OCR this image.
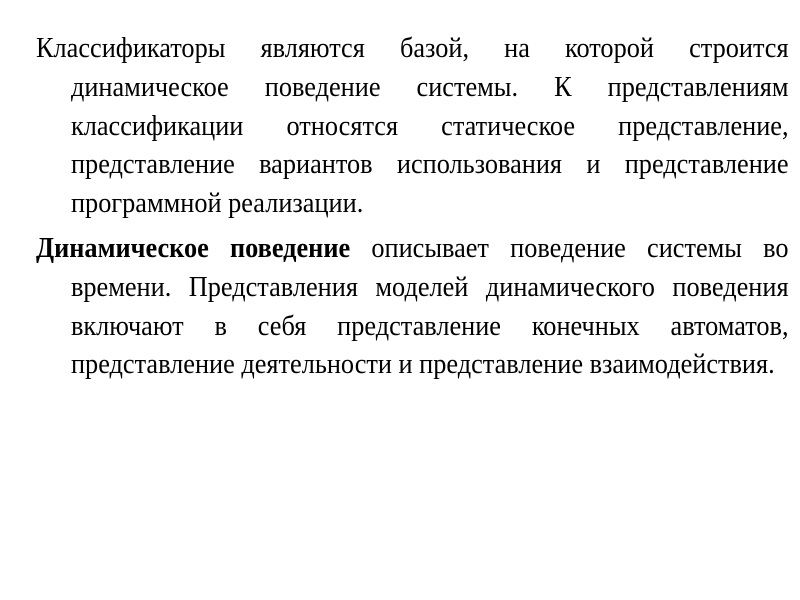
Классификаторы являются базой, на которой строится динамическое поведение системы. К представлениям классификации относятся статическое представление, представление вариантов использования и представление программной реализации.

Динамическое поведение описывает поведение системы во времени. Представления моделей динамического поведения включают в себя представление конечных автоматов, представление деятельности и представление взаимодействия.
